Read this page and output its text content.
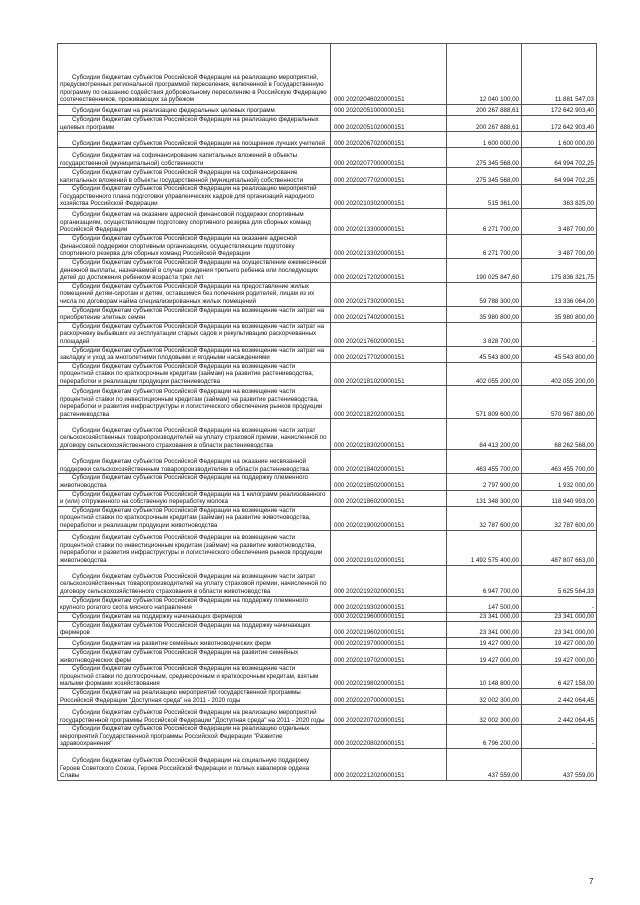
Субсидии бюджетам субъектов Российской Федерации на реализацию мероприятий, предусмотренных региональной программой переселения, включенной в Государственную программу по оказанию содействия добровольному переселению в Российскую Федерацию соотечественников, проживающих за рубежом	000 20202046020000151	12 040 100,00	11 881 547,03
Субсидии бюджетам на реализацию федеральных целевых программ	000 20202051000000151	200 267 888,61	172 642 903,40
Субсидии бюджетам субъектов Российской Федерации на реализацию федеральных целевых программ	000 20202051020000151	200 267 888,61	172 642 903,40
Субсидии бюджетам субъектов Российской Федерации на поощрение лучших учителей	000 20202067020000151	1 600 000,00	1 600 000,00
Субсидии бюджетам на софинансирование капитальных вложений в объекты государственной (муниципальной) собственности	000 20202077000000151	275 345 568,00	64 994 702,25
Субсидии бюджетам субъектов Российской Федерации на софинансирование капитальных вложений в объекты государственной (муниципальной) собственности	000 20202077020000151	275 345 568,00	64 994 702,25
Субсидии бюджетам субъектов Российской Федерации на реализацию мероприятий Государственного плана подготовки управленческих кадров для организаций народного хозяйства Российской Федерации	000 20202103020000151	515 361,00	363 825,00
Субсидии бюджетам на оказание адресной финансовой поддержки спортивным организациям, осуществляющим подготовку спортивного резерва для сборных команд Российской Федерации	000 20202133000000151	6 271 700,00	3 487 700,00
Субсидии бюджетам субъектов Российской Федерации на оказание адресной финансовой поддержки спортивным организациям, осуществляющим подготовку спортивного резерва для сборных команд Российской Федерации	000 20202133020000151	6 271 700,00	3 487 700,00
Субсидии бюджетам субъектов Российской Федерации на осуществление ежемесячной денежной выплаты, назначаемой в случае рождения третьего ребенка или последующих детей до достижения ребенком возраста трех лет	000 20202172020000151	190 025 847,60	175 836 321,75
Субсидии бюджетам субъектов Российской Федерации на предоставление жилых помещений детям-сиротам и детям, оставшимся без попечения родителей, лицам из их числа по договорам найма специализированных жилых помещений	000 20202173020000151	59 788 300,00	13 336 064,00
Субсидии бюджетам субъектов Российской Федерации на возмещение части затрат на приобретение элитных семян	000 20202174020000151	35 980 800,00	35 980 800,00
Субсидии бюджетам субъектов Российской Федерации на возмещение части затрат на раскорчевку выбывших из эксплуатации старых садов и рекультивацию раскорчеванных площадей	000 20202176020000151	3 828 700,00	-
Субсидии бюджетам субъектов Российской Федерации на возмещение части затрат на закладку и уход за многолетними плодовыми и ягодными насаждениями	000 20202177020000151	45 543 800,00	45 543 800,00
Субсидии бюджетам субъектов Российской Федерации на возмещение части процентной ставки по краткосрочным кредитам (займам) на развитие растениеводства, переработки и реализации продукции растениеводства	000 20202181020000151	402 055 200,00	402 055 200,00
Субсидии бюджетам субъектов Российской Федерации на возмещение части процентной ставки по инвестиционным кредитам (займам) на развитие растениеводства, переработки и развития инфраструктуры и логистического обеспечения рынков продукции растениеводства	000 20202182020000151	571 809 600,00	570 967 880,00
Субсидии бюджетам субъектов Российской Федерации на возмещение части затрат сельскохозяйственных товаропроизводителей на уплату страховой премии, начисленной по договору сельскохозяйственного страхования в области растениеводства	000 20202183020000151	84 413 200,00	68 262 568,00
Субсидии бюджетам субъектов Российской Федерации на оказание несвязанной поддержки сельскохозяйственным товаропроизводителям в области растениеводства	000 20202184020000151	463 455 700,00	463 455 700,00
Субсидии бюджетам субъектов Российской Федерации на поддержку племенного животноводства	000 20202185020000151	2 797 900,00	1 932 000,00
Субсидии бюджетам субъектов Российской Федерации на 1 килограмм реализованного и (или) отгруженного на собственную переработку молока	000 20202186020000151	131 348 300,00	118 940 993,00
Субсидии бюджетам субъектов Российской Федерации на возмещение части процентной ставки по краткосрочным кредитам (займам) на развитие животноводства, переработки и реализации продукции животноводства	000 20202190020000151	32 787 600,00	32 787 600,00
Субсидии бюджетам субъектов Российской Федерации на возмещение части процентной ставки по инвестиционным кредитам (займам) на развитие животноводства, переработки и развития инфраструктуры и логистического обеспечения рынков продукции животноводства	000 20202191020000151	1 492 575 400,00	487 807 663,00
Субсидии бюджетам субъектов Российской Федерации на возмещение части затрат сельскохозяйственных товаропроизводителей на уплату страховой премии, начисленной по договору сельскохозяйственного страхования в области животноводства	000 20202192020000151	6 947 700,00	5 625 564,33
Субсидии бюджетам субъектов Российской Федерации на поддержку племенного крупного рогатого скота мясного направления	000 20202193020000151	147 500,00	-
Субсидии бюджетам на поддержку начинающих фермеров	000 20202196000000151	23 341 000,00	23 341 000,00
Субсидии бюджетам субъектов Российской Федерации на поддержку начинающих фермеров	000 20202196020000151	23 341 000,00	23 341 000,00
Субсидии бюджетам на развитие семейных животноводческих ферм	000 20202197000000151	19 427 000,00	19 427 000,00
Субсидии бюджетам субъектов Российской Федерации на развитие семейных животноводческих ферм	000 20202197020000151	19 427 000,00	19 427 000,00
Субсидии бюджетам субъектов Российской Федерации на возмещение части процентной ставки по долгосрочным, среднесрочным и краткосрочным кредитам, взятым малыми формами хозяйствования	000 20202198020000151	10 148 800,00	6 427 158,00
Субсидии бюджетам на реализацию мероприятий государственной программы Российской Федерации "Доступная среда" на 2011 - 2020 годы	000 20202207000000151	32 002 300,00	2 442 064,45
Субсидии бюджетам субъектов Российской Федерации на реализацию мероприятий государственной программы Российской Федерации "Доступная среда" на 2011 - 2020 годы	000 20202207020000151	32 002 300,00	2 442 064,45
Субсидии бюджетам субъектов Российской Федерации на реализацию отдельных мероприятий Государственной программы Российской Федерации "Развитие здравоохранения"	000 20202208020000151	6 796 200,00	-
Субсидии бюджетам субъектов Российской Федерации на социальную поддержку Героев Советского Союза, Героев Российской Федерации и полных кавалеров ордена Славы	000 20202212020000151	437 559,00	437 559,00
7
